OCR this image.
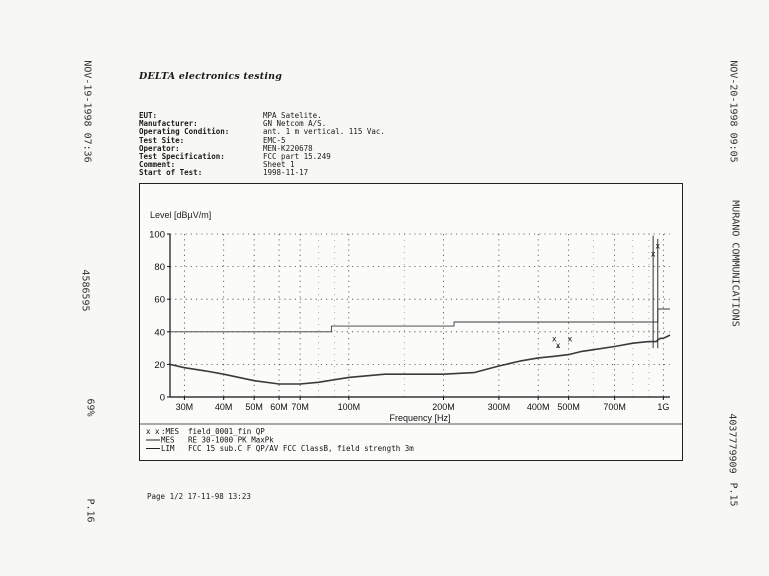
NOV-19-1998 07:36
4586595
69%
P.16
NOV-20-1998 09:05
MURANO COMMUNICATIONS
4037779909
P.15
DELTA electronics testing
EUT:	MPA Satelite.
Manufacturer:	GN Netcom A/S.
Operating Condition:	ant. 1 m vertical. 115 Vac.
Test Site:	EMC-5
Operator:	MEN-K220678
Test Specification:	FCC part 15.249
Comment:	Sheet 1
Start of Test:	1998-11-17
Level [dBµV/m]
0
20
40
60
80
100
30M 40M 50M 60M 70M	100M	200M	300M 400M 500M	700M	1G
Frequency [Hz]
x x
x
x
x
x x :MES field_0001_fin QP
MES RE 30-1000 PK MaxPk
LIM FCC 15 sub.C F QP/AV FCC ClassB, field strength 3m
Page 1/2 17-11-98 13:23
